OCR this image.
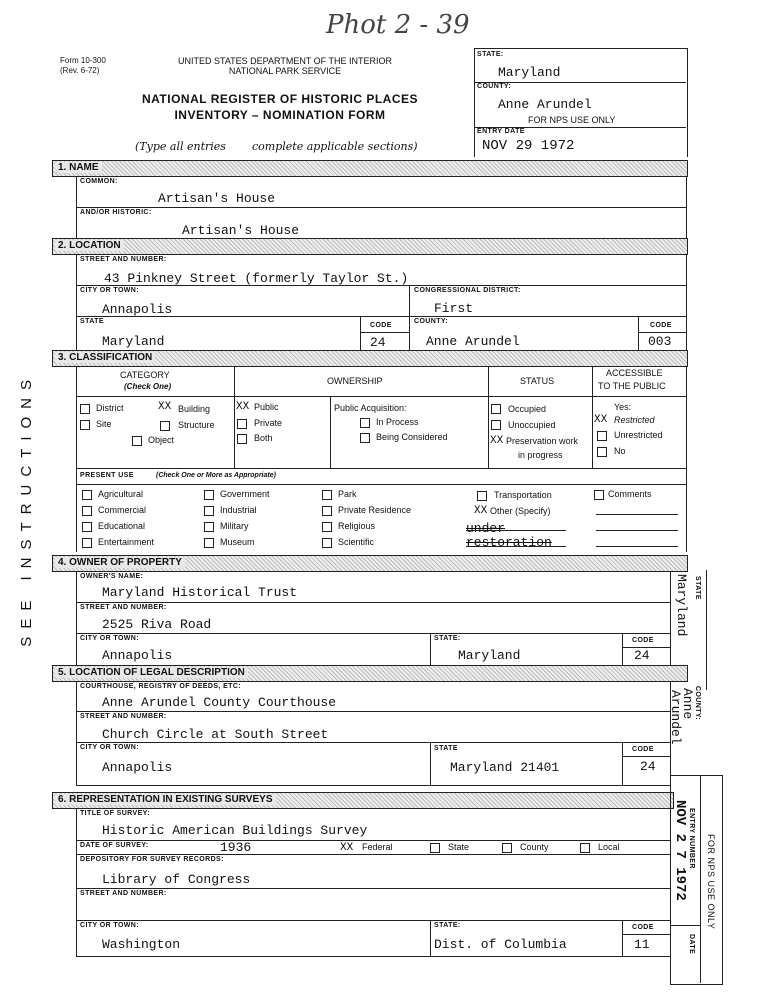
Phot 2 - 39
Form 10-300
(Rev. 6-72)
UNITED STATES DEPARTMENT OF THE INTERIOR
NATIONAL PARK SERVICE
NATIONAL REGISTER OF HISTORIC PLACES
INVENTORY – NOMINATION FORM
(Type all entries complete applicable sections)
STATE:
Maryland
COUNTY:
Anne Arundel
FOR NPS USE ONLY
ENTRY DATE
NOV 29 1972
SEE INSTRUCTIONS
1. NAME
COMMON:
Artisan's House
AND/OR HISTORIC:
Artisan's House
2. LOCATION
STREET AND NUMBER:
43 Pinkney Street (formerly Taylor St.)
CITY OR TOWN:
Annapolis
CONGRESSIONAL DISTRICT:
First
STATE
Maryland
CODE
24
COUNTY:
Anne Arundel
CODE
003
3. CLASSIFICATION
CATEGORY
(Check One)
OWNERSHIP	STATUS
ACCESSIBLE
TO THE PUBLIC
District	XX Building
Site	Structure
Object
XX Public
Private
Both
Public Acquisition:
In Process
Being Considered
Occupied
Unoccupied
XX Preservation work
in progress
Yes:
XX Restricted
Unrestricted
No
PRESENT USE	(Check One or More as Appropriate)
Agricultural
Commercial
Educational
Entertainment
Government
Industrial
Military
Museum
Park
Private Residence
Religious
Scientific
Transportation
XX Other (Specify)
Comments
under
restoration
4. OWNER OF PROPERTY
OWNER'S NAME:
Maryland Historical Trust
STREET AND NUMBER:
2525 Riva Road
CITY OR TOWN:
Annapolis
STATE:
Maryland
CODE
24
STATE
Maryland
5. LOCATION OF LEGAL DESCRIPTION
COURTHOUSE, REGISTRY OF DEEDS, ETC:
Anne Arundel County Courthouse
STREET AND NUMBER:
Church Circle at South Street
CITY OR TOWN:
Annapolis
STATE
Maryland 21401
CODE
24
COUNTY:
Anne
Arundel
6. REPRESENTATION IN EXISTING SURVEYS
TITLE OF SURVEY:
Historic American Buildings Survey
DATE OF SURVEY:	1936	XX Federal	State	County	Local
DEPOSITORY FOR SURVEY RECORDS:
Library of Congress
STREET AND NUMBER:
CITY OR TOWN:
Washington
STATE:
Dist. of Columbia
CODE
11
ENTRY NUMBER
NOV 2 7 1972
DATE
FOR NPS USE ONLY
